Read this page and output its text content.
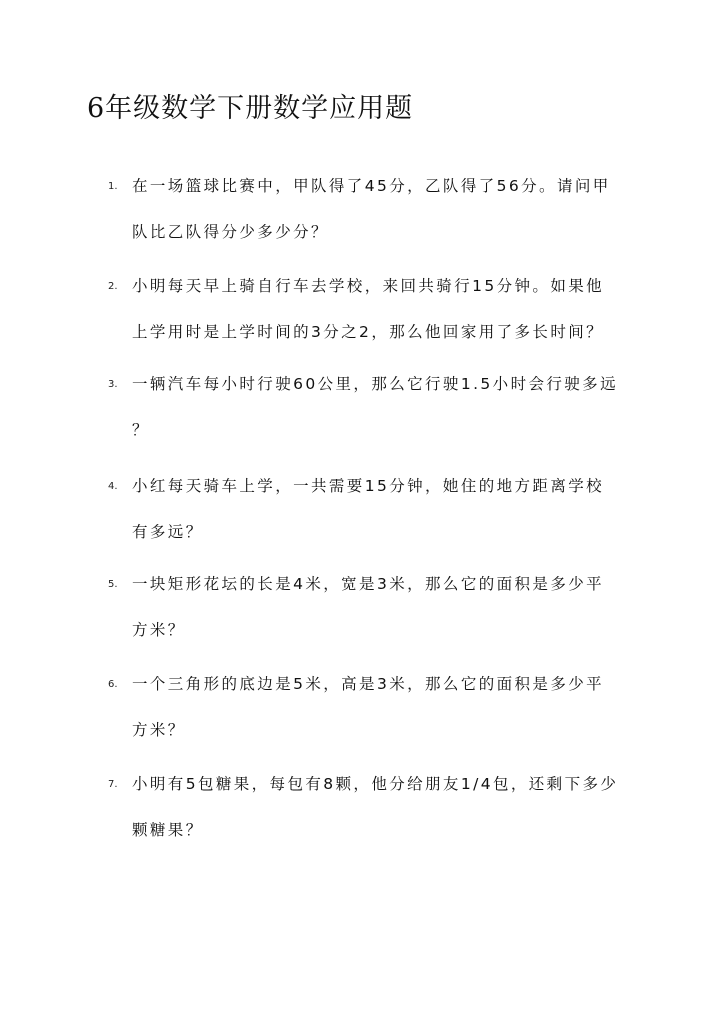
6年级数学下册数学应用题
1. 在一场篮球比赛中，甲队得了45分，乙队得了56分。请问甲
队比乙队得分少多少分？
2. 小明每天早上骑自行车去学校，来回共骑行15分钟。如果他
上学用时是上学时间的3分之2，那么他回家用了多长时间？
3. 一辆汽车每小时行驶60公里，那么它行驶1.5小时会行驶多远
？
4. 小红每天骑车上学，一共需要15分钟，她住的地方距离学校
有多远？
5. 一块矩形花坛的长是4米，宽是3米，那么它的面积是多少平
方米？
6. 一个三角形的底边是5米，高是3米，那么它的面积是多少平
方米？
7. 小明有5包糖果，每包有8颗，他分给朋友1/4包，还剩下多少
颗糖果？
